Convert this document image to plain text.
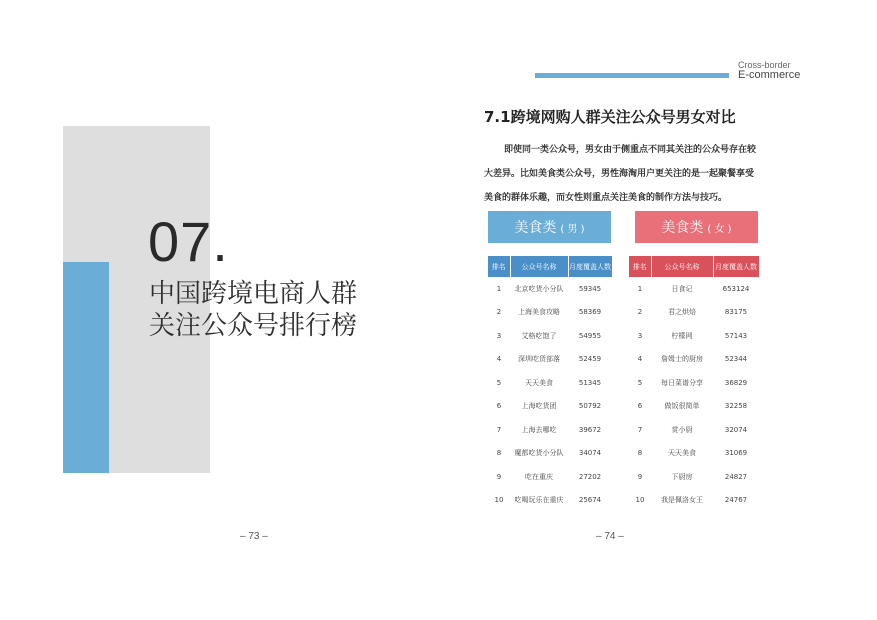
07.
中国跨境电商人群
关注公众号排行榜
– 73 –
Cross-border
E-commerce
7.1跨境网购人群关注公众号男女对比

即使同一类公众号，男女由于侧重点不同其关注的公众号存在较

大差异。比如美食类公众号，男性海淘用户更关注的是一起聚餐享受

美食的群体乐趣，而女性则重点关注美食的制作方法与技巧。

美食类 ( 男 )	美食类 ( 女 )
排名	公众号名称	月度覆盖人数
1	北京吃货小分队	59345
2	上海美食攻略	58369
3	艾格吃饱了	54955
4	深圳吃货部落	52459
5	天天美食	51345
6	上海吃货团	50792
7	上海去哪吃	39672
8	魔都吃货小分队	34074
9	吃在重庆	27202
10	吃喝玩乐在重庆	25674
排名	公众号名称	月度覆盖人数
1	日食记	653124
2	君之烘焙	83175
3	柠檬网	57143
4	詹姆士的厨房	52344
5	每日菜谱分享	36829
6	做饭很简单	32258
7	赏小厨	32074
8	天天美食	31069
9	下厨房	24827
10	我是佩洛女王	24767
– 74 –
